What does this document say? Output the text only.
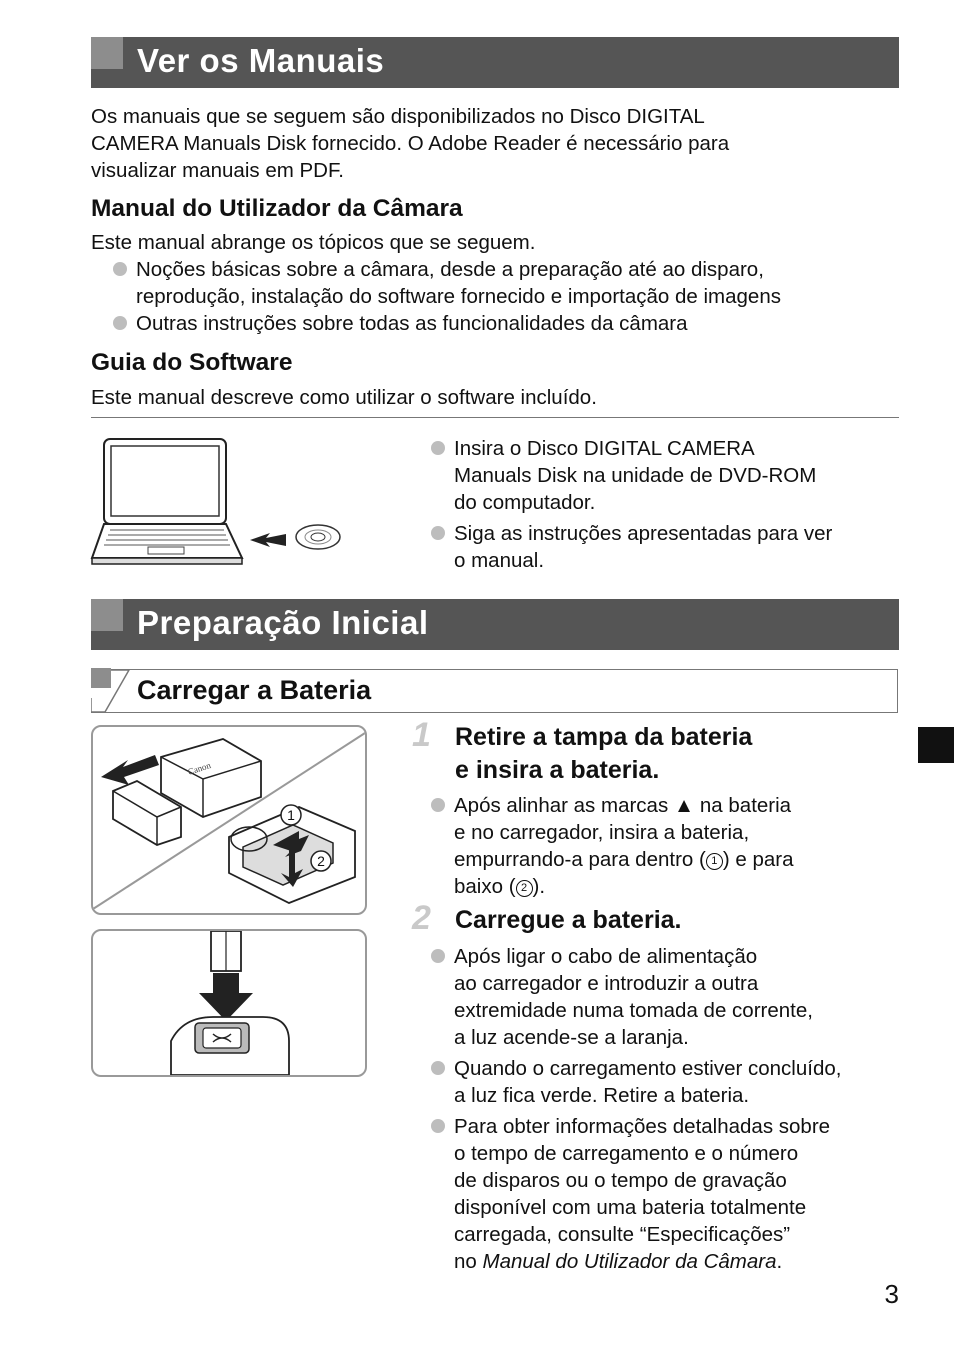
Ver os Manuais
Os manuais que se seguem são disponibilizados no Disco DIGITAL
CAMERA Manuals Disk fornecido. O Adobe Reader é necessário para
visualizar manuais em PDF.
Manual do Utilizador da Câmara
Este manual abrange os tópicos que se seguem.
Noções básicas sobre a câmara, desde a preparação até ao disparo,
reprodução, instalação do software fornecido e importação de imagens
Outras instruções sobre todas as funcionalidades da câmara
Guia do Software
Este manual descreve como utilizar o software incluído.
Insira o Disco DIGITAL CAMERA
Manuals Disk na unidade de DVD-ROM
do computador.
Siga as instruções apresentadas para ver
o manual.
Preparação Inicial
Carregar a Bateria
Canon
1
2
1 Retire a tampa da bateria
e insira a bateria.
Após alinhar as marcas ▲ na bateria
e no carregador, insira a bateria,
empurrando-a para dentro ( 1 ) e para
baixo ( 2 ).
2 Carregue a bateria.
Após ligar o cabo de alimentação
ao carregador e introduzir a outra
extremidade numa tomada de corrente,
a luz acende-se a laranja.
Quando o carregamento estiver concluído,
a luz fica verde. Retire a bateria.
Para obter informações detalhadas sobre
o tempo de carregamento e o número
de disparos ou o tempo de gravação
disponível com uma bateria totalmente
carregada, consulte “Especificações”
no Manual do Utilizador da Câmara.
3
